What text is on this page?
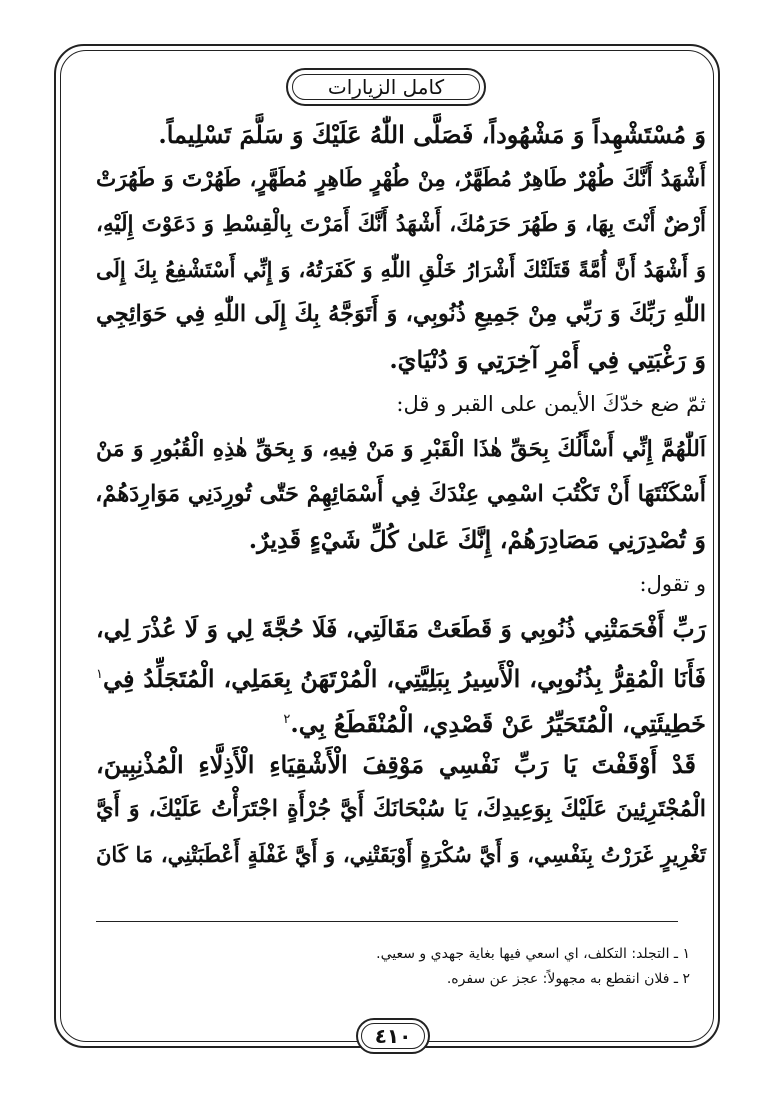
كامل الزيارات
وَ مُسْتَشْهِداً وَ مَشْهُوداً، فَصَلَّى اللّٰهُ عَلَيْكَ وَ سَلَّمَ تَسْلِيماً.
أَشْهَدُ أَنَّكَ طُهْرٌ طَاهِرٌ مُطَهَّرٌ، مِنْ طُهْرٍ طَاهِرٍ مُطَهَّرٍ، طَهُرْتَ وَ طَهُرَتْ
أَرْضٌ أَنْتَ بِهَا، وَ طَهُرَ حَرَمُكَ، أَشْهَدُ أَنَّكَ أَمَرْتَ بِالْقِسْطِ وَ دَعَوْتَ إِلَيْهِ،
وَ أَشْهَدُ أَنَّ أُمَّةً قَتَلَتْكَ أَشْرَارُ خَلْقِ اللّٰهِ وَ كَفَرَتُهُ، وَ إِنِّي أَسْتَشْفِعُ بِكَ إِلَى
اللّٰهِ رَبِّكَ وَ رَبِّي مِنْ جَمِيعِ ذُنُوبِي، وَ أَتَوَجَّهُ بِكَ إِلَى اللّٰهِ فِي حَوَائِجِي
وَ رَغْبَتِي فِي أَمْرِ آخِرَتِي وَ دُنْيَايَ.
ثمّ ضع خدّكَ الأيمن على القبر و قل:
اَللّٰهُمَّ إِنِّي أَسْأَلُكَ بِحَقِّ هٰذَا الْقَبْرِ وَ مَنْ فِيهِ، وَ بِحَقِّ هٰذِهِ الْقُبُورِ وَ مَنْ
أَسْكَنْتَهَا أَنْ تَكْتُبَ اسْمِي عِنْدَكَ فِي أَسْمَائِهِمْ حَتّٰى تُورِدَنِي مَوَارِدَهُمْ،
وَ تُصْدِرَنِي مَصَادِرَهُمْ، إِنَّكَ عَلىٰ كُلِّ شَيْءٍ قَدِيرٌ.
و تقول:
رَبِّ أَفْحَمَتْنِي ذُنُوبِي وَ قَطَعَتْ مَقَالَتِي، فَلَا حُجَّةَ لِي وَ لَا عُذْرَ لِي،
فَأَنَا الْمُقِرُّ بِذُنُوبِي، الْأَسِيرُ بِبَلِيَّتِي، الْمُرْتَهَنُ بِعَمَلِي، الْمُتَجَلِّدُ فِي$^١$
خَطِيئَتِي، الْمُتَحَيِّرُ عَنْ قَصْدِي، الْمُنْقَطَعُ بِي.$^٢$
قَدْ أَوْقَفْتَ يَا رَبِّ نَفْسِي مَوْقِفَ الْأَشْقِيَاءِ الْأَذِلَّاءِ الْمُذْنِبِينَ،
الْمُجْتَرِئِينَ عَلَيْكَ بِوَعِيدِكَ، يَا سُبْحَانَكَ أَيَّ جُرْأَةٍ اجْتَرَأْتُ عَلَيْكَ، وَ أَيَّ
تَغْرِيرٍ غَرَرْتُ بِنَفْسِي، وَ أَيَّ سُكْرَةٍ أَوْبَقَتْنِي، وَ أَيَّ غَفْلَةٍ أَعْطَبَتْنِي، مَا كَانَ
١ ـ التجلد: التكلف، اي اسعي فيها بغاية جهدي و سعيي.
٢ ـ فلان انقطع به مجهولاً: عجز عن سفره.
٤١٠
